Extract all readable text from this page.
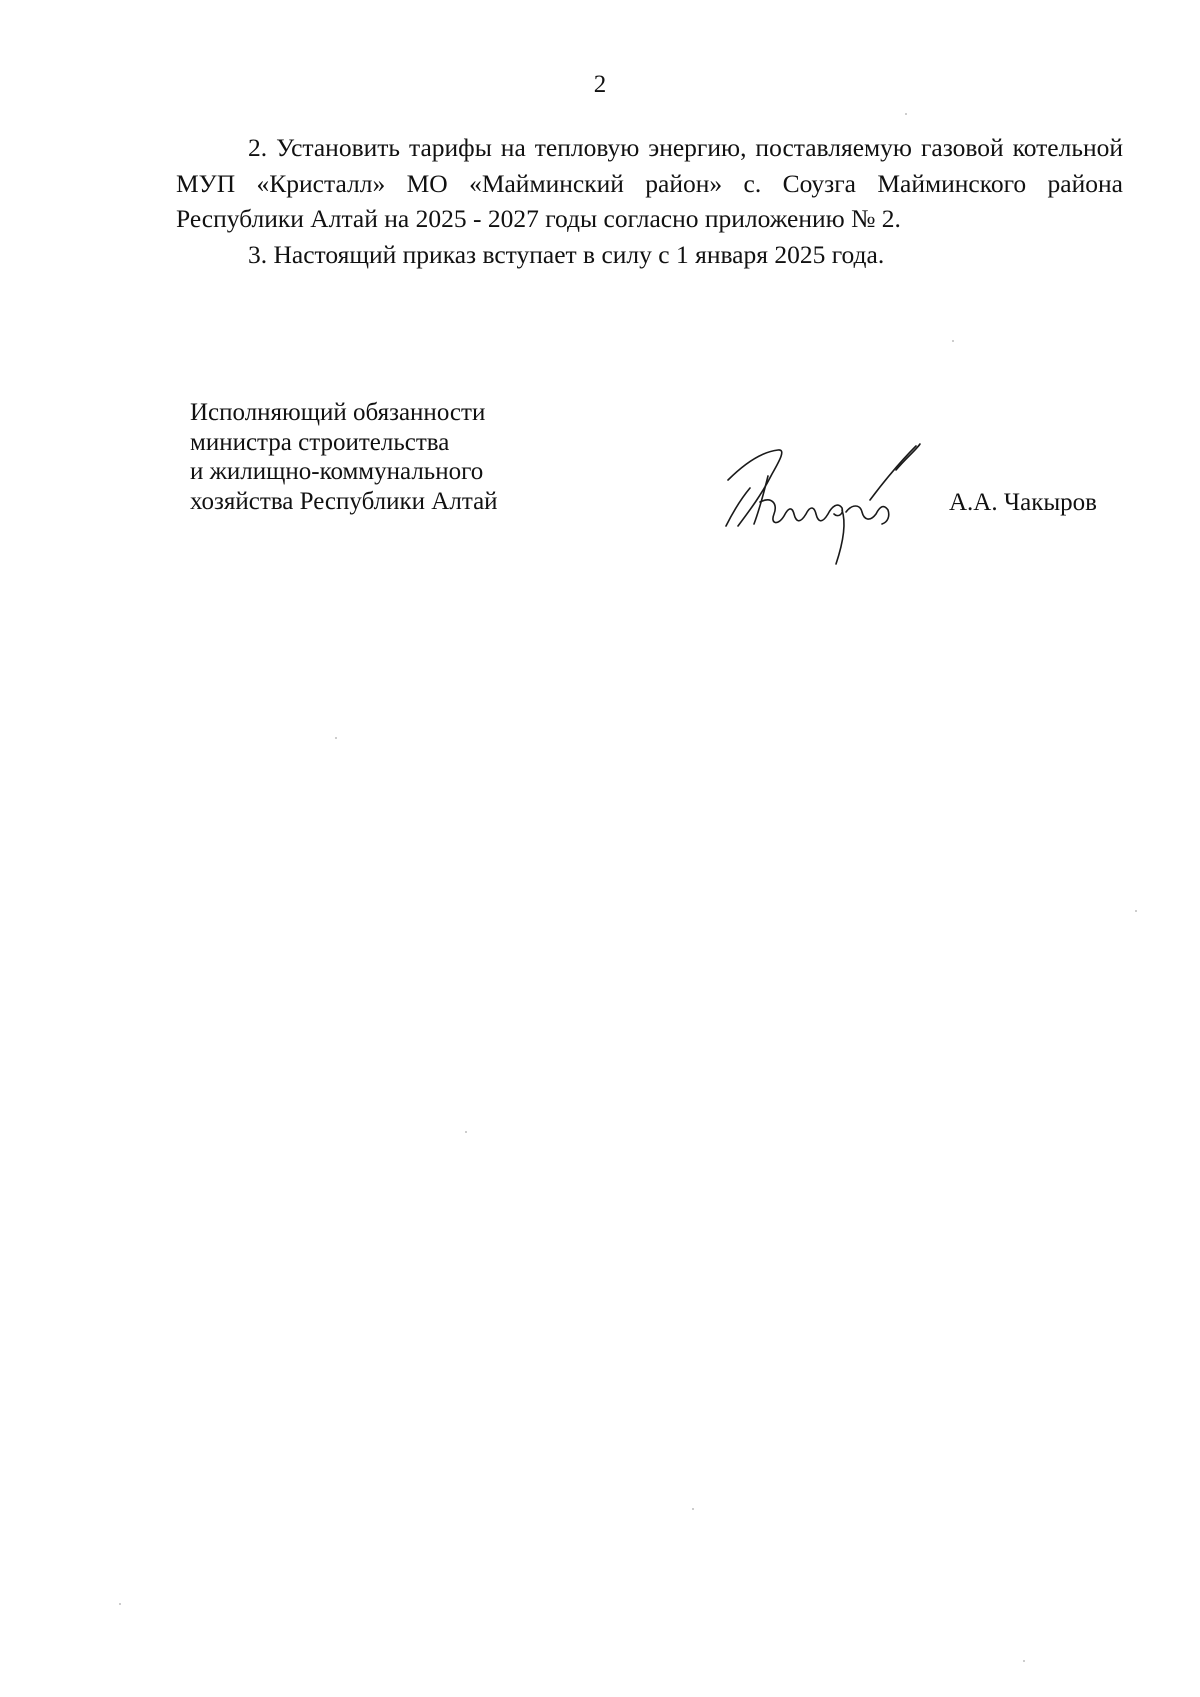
2

2. Установить тарифы на тепловую энергию, поставляемую газовой котельной МУП «Кристалл» МО «Майминский район» с. Соузга Майминского района Республики Алтай на 2025 - 2027 годы согласно приложению № 2.

3. Настоящий приказ вступает в силу с 1 января 2025 года.

Исполняющий обязанности
министра строительства
и жилищно-коммунального
хозяйства Республики Алтай	А.А. Чакыров
